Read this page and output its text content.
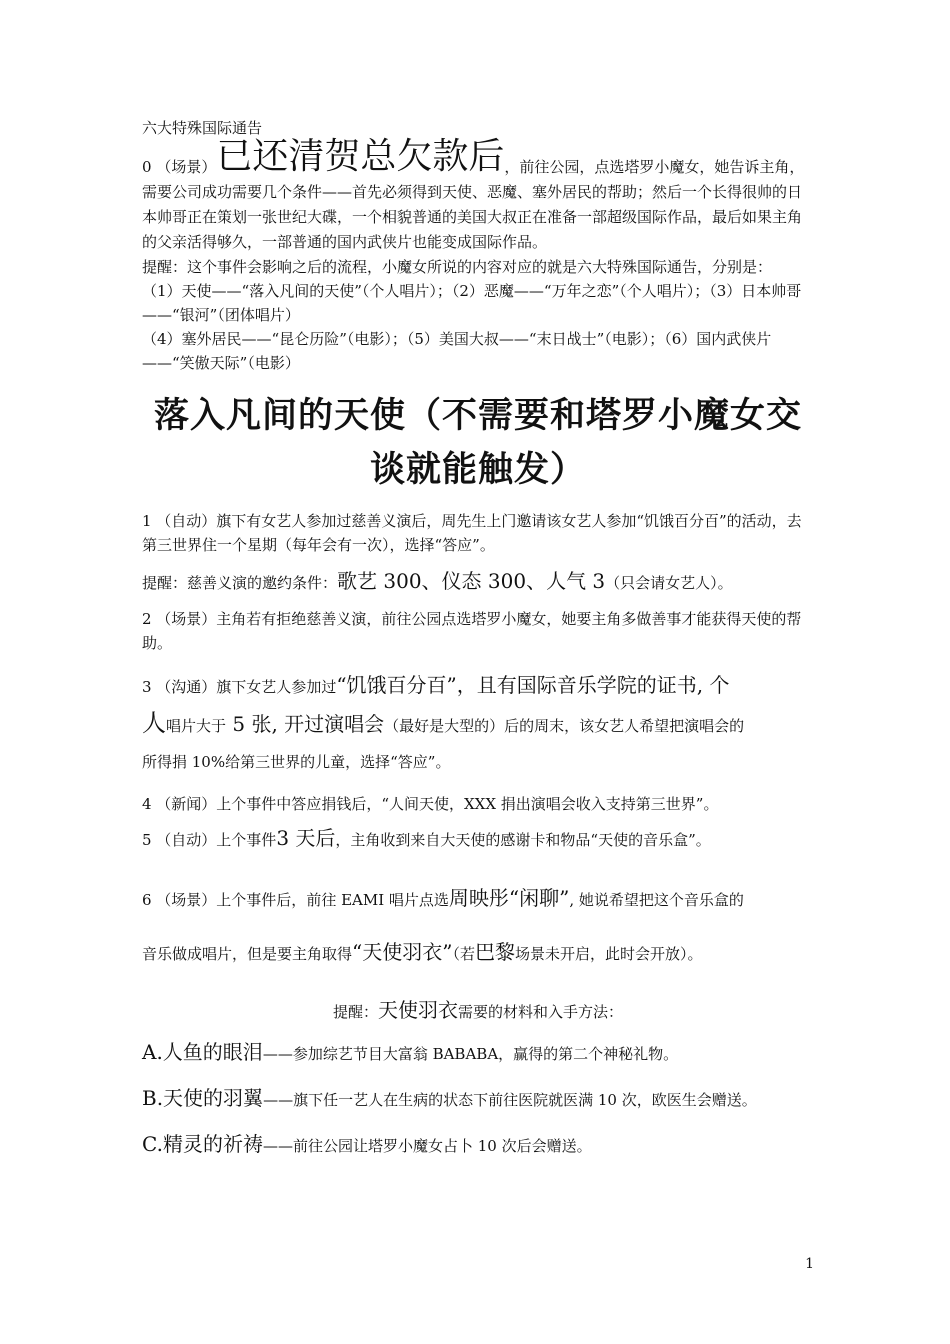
六大特殊国际通告

0 （场景）已还清贺总欠款后，前往公园，点选塔罗小魔女，她告诉主角，需要公司成功需要几个条件——首先必须得到天使、恶魔、塞外居民的帮助；然后一个长得很帅的日本帅哥正在策划一张世纪大碟，一个相貌普通的美国大叔正在准备一部超级国际作品，最后如果主角的父亲活得够久，一部普通的国内武侠片也能变成国际作品。

提醒：这个事件会影响之后的流程，小魔女所说的内容对应的就是六大特殊国际通告，分别是：

（1）天使——“落入凡间的天使”（个人唱片）；（2）恶魔——“万年之恋”（个人唱片）；（3）日本帅哥——“银河”（团体唱片）

（4）塞外居民——“昆仑历险”（电影）；（5）美国大叔——“末日战士”（电影）；（6）国内武侠片——“笑傲天际”（电影）

落入凡间的天使（不需要和塔罗小魔女交谈就能触发）

1 （自动）旗下有女艺人参加过慈善义演后，周先生上门邀请该女艺人参加“饥饿百分百”的活动，去第三世界住一个星期（每年会有一次），选择“答应”。

提醒：慈善义演的邀约条件：歌艺 300、仪态 300、人气 3（只会请女艺人）。

2 （场景）主角若有拒绝慈善义演，前往公园点选塔罗小魔女，她要主角多做善事才能获得天使的帮助。

3 （沟通）旗下女艺人参加过“饥饿百分百”，且有国际音乐学院的证书, 个
人唱片大于 5 张, 开过演唱会（最好是大型的）后的周末，该女艺人希望把演唱会的
所得捐 10%给第三世界的儿童，选择“答应”。

4 （新闻）上个事件中答应捐钱后，“人间天使，XXX 捐出演唱会收入支持第三世界”。

5 （自动）上个事件3 天后，主角收到来自大天使的感谢卡和物品“天使的音乐盒”。

6 （场景）上个事件后，前往 EAMI 唱片点选周映彤“闲聊”, 她说希望把这个音乐盒的
音乐做成唱片，但是要主角取得“天使羽衣”（若巴黎场景未开启，此时会开放）。

提醒：天使羽衣需要的材料和入手方法：

A.人鱼的眼泪——参加综艺节目大富翁 BABABA，赢得的第二个神秘礼物。

B.天使的羽翼——旗下任一艺人在生病的状态下前往医院就医满 10 次，欧医生会赠送。

C.精灵的祈祷——前往公园让塔罗小魔女占卜 10 次后会赠送。

1
